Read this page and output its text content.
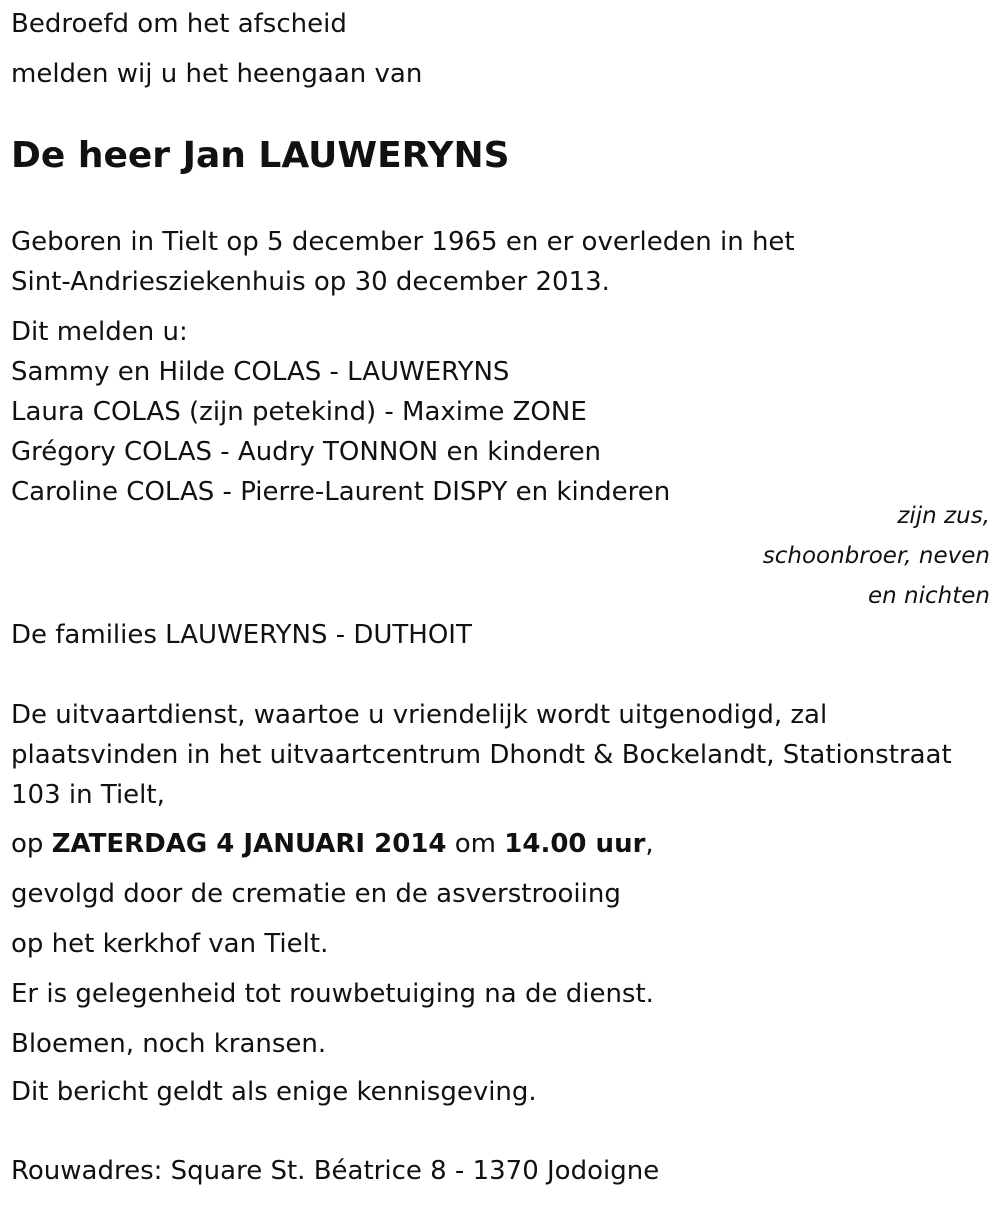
Bedroefd om het afscheid
melden wij u het heengaan van
De heer Jan LAUWERYNS
Geboren in Tielt op 5 december 1965 en er overleden in het
Sint-Andriesziekenhuis op 30 december 2013.
Dit melden u:
Sammy en Hilde COLAS - LAUWERYNS
Laura COLAS (zijn petekind) - Maxime ZONE
Grégory COLAS - Audry TONNON en kinderen
Caroline COLAS - Pierre-Laurent DISPY en kinderen
zijn zus,
schoonbroer, neven
en nichten
De families LAUWERYNS - DUTHOIT
De uitvaartdienst, waartoe u vriendelijk wordt uitgenodigd, zal
plaatsvinden in het uitvaartcentrum Dhondt & Bockelandt, Stationstraat
103 in Tielt,
op ZATERDAG 4 JANUARI 2014 om 14.00 uur,
gevolgd door de crematie en de asverstrooiing
op het kerkhof van Tielt.
Er is gelegenheid tot rouwbetuiging na de dienst.
Bloemen, noch kransen.
Dit bericht geldt als enige kennisgeving.
Rouwadres: Square St. Béatrice 8 - 1370 Jodoigne
